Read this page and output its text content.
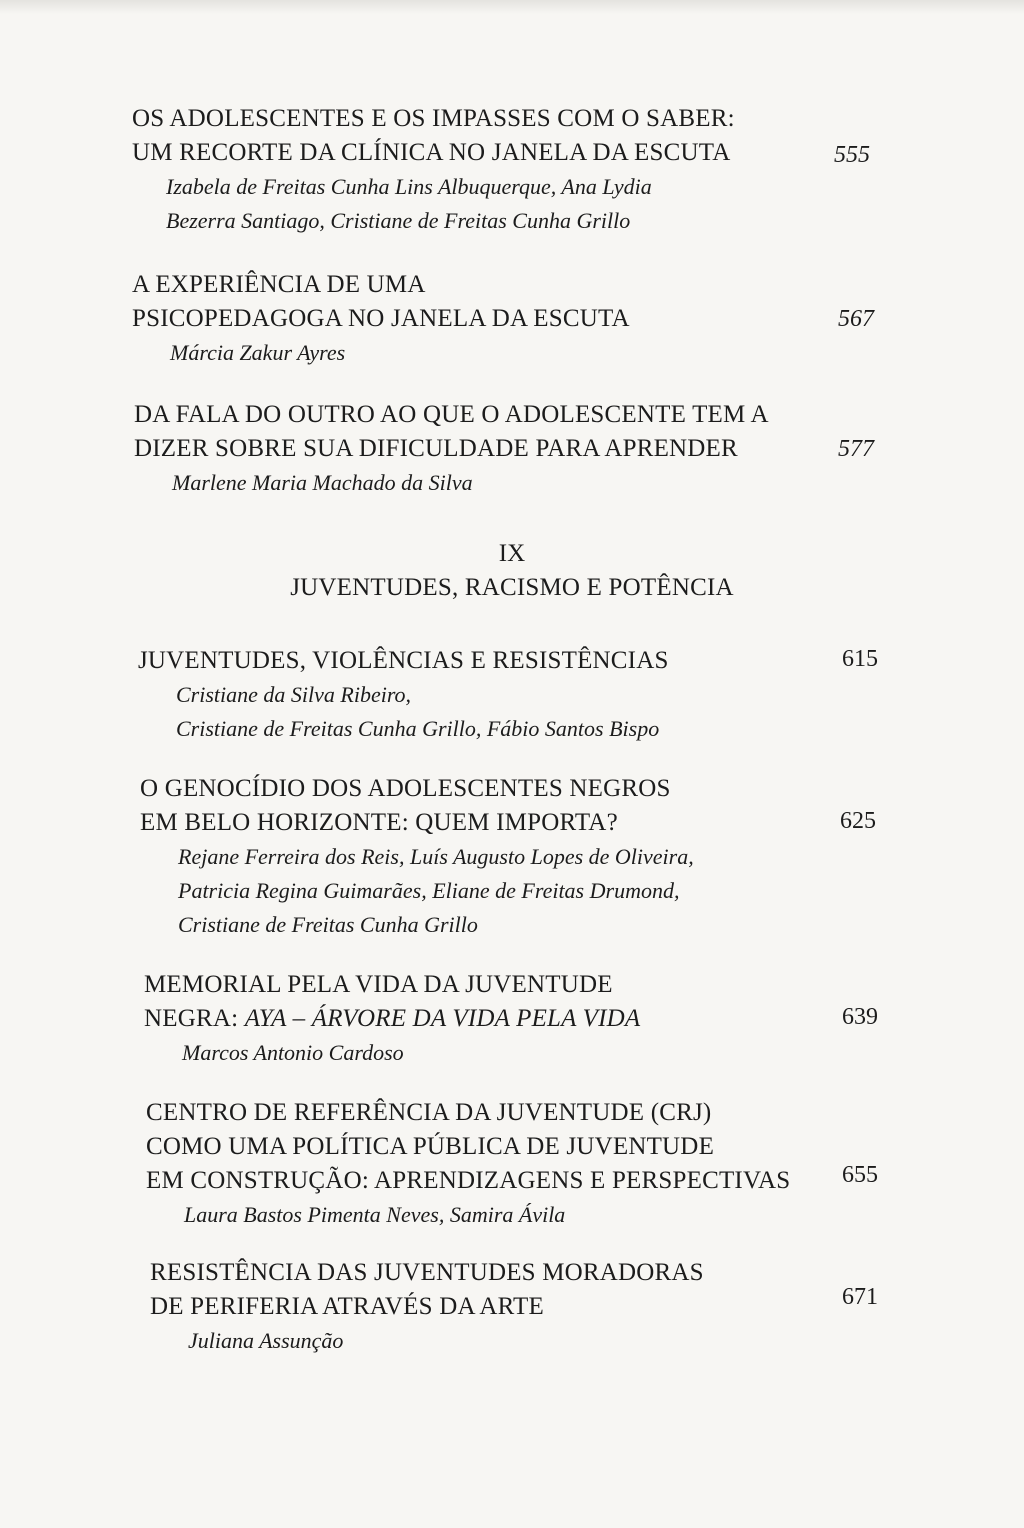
OS ADOLESCENTES E OS IMPASSES COM O SABER:
UM RECORTE DA CLÍNICA NO JANELA DA ESCUTA
Izabela de Freitas Cunha Lins Albuquerque, Ana Lydia
Bezerra Santiago, Cristiane de Freitas Cunha Grillo
555
A EXPERIÊNCIA DE UMA
PSICOPEDAGOGA NO JANELA DA ESCUTA
Márcia Zakur Ayres
567
DA FALA DO OUTRO AO QUE O ADOLESCENTE TEM A
DIZER SOBRE SUA DIFICULDADE PARA APRENDER
Marlene Maria Machado da Silva
577
IX
JUVENTUDES, RACISMO E POTÊNCIA
JUVENTUDES, VIOLÊNCIAS E RESISTÊNCIAS
Cristiane da Silva Ribeiro,
Cristiane de Freitas Cunha Grillo, Fábio Santos Bispo
615
O GENOCÍDIO DOS ADOLESCENTES NEGROS
EM BELO HORIZONTE: QUEM IMPORTA?
Rejane Ferreira dos Reis, Luís Augusto Lopes de Oliveira,
Patricia Regina Guimarães, Eliane de Freitas Drumond,
Cristiane de Freitas Cunha Grillo
625
MEMORIAL PELA VIDA DA JUVENTUDE
NEGRA: AYA – ÁRVORE DA VIDA PELA VIDA
Marcos Antonio Cardoso
639
CENTRO DE REFERÊNCIA DA JUVENTUDE (CRJ)
COMO UMA POLÍTICA PÚBLICA DE JUVENTUDE
EM CONSTRUÇÃO: APRENDIZAGENS E PERSPECTIVAS
Laura Bastos Pimenta Neves, Samira Ávila
655
RESISTÊNCIA DAS JUVENTUDES MORADORAS
DE PERIFERIA ATRAVÉS DA ARTE
Juliana Assunção
671
